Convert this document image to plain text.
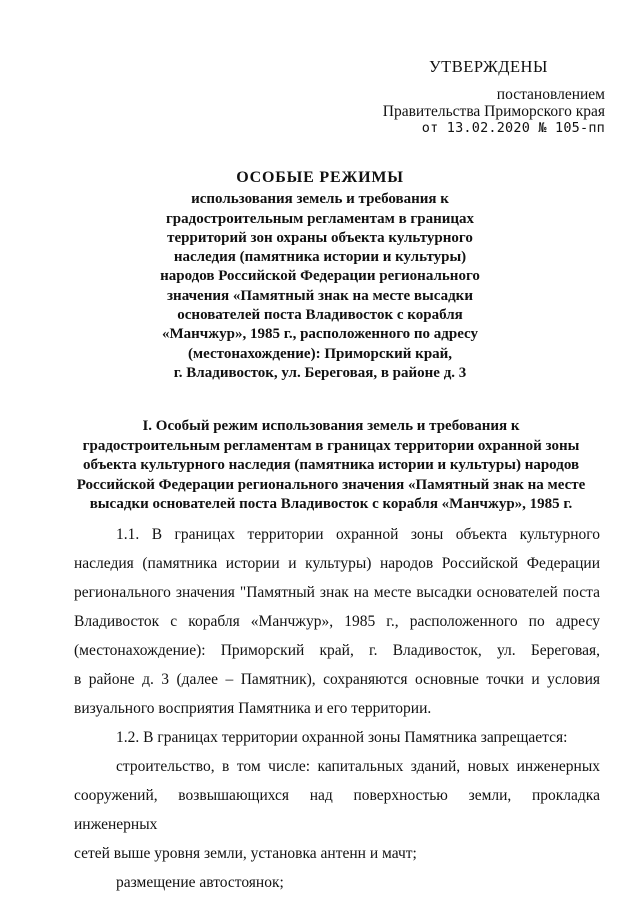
УТВЕРЖДЕНЫ
постановлением
Правительства Приморского края
от 13.02.2020 № 105-пп
ОСОБЫЕ РЕЖИМЫ
использования земель и требования к
градостроительным регламентам в границах
территорий зон охраны объекта культурного
наследия (памятника истории и культуры)
народов Российской Федерации регионального
значения «Памятный знак на месте высадки
основателей поста Владивосток с корабля
«Манчжур», 1985 г., расположенного по адресу
(местонахождение): Приморский край,
г. Владивосток, ул. Береговая, в районе д. 3
I. Особый режим использования земель и требования к
градостроительным регламентам в границах территории охранной зоны
объекта культурного наследия (памятника истории и культуры) народов
Российской Федерации регионального значения «Памятный знак на месте
высадки основателей поста Владивосток с корабля «Манчжур», 1985 г.
1.1. В границах территории охранной зоны объекта культурного
наследия (памятника истории и культуры) народов Российской Федерации
регионального значения "Памятный знак на месте высадки основателей поста
Владивосток с корабля «Манчжур», 1985 г., расположенного по адресу
(местонахождение): Приморский край, г. Владивосток, ул. Береговая,
в районе д. 3 (далее – Памятник), сохраняются основные точки и условия
визуального восприятия Памятника и его территории.
1.2. В границах территории охранной зоны Памятника запрещается:
строительство, в том числе: капитальных зданий, новых инженерных
сооружений, возвышающихся над поверхностью земли, прокладка инженерных
сетей выше уровня земли, установка антенн и мачт;
размещение автостоянок;
